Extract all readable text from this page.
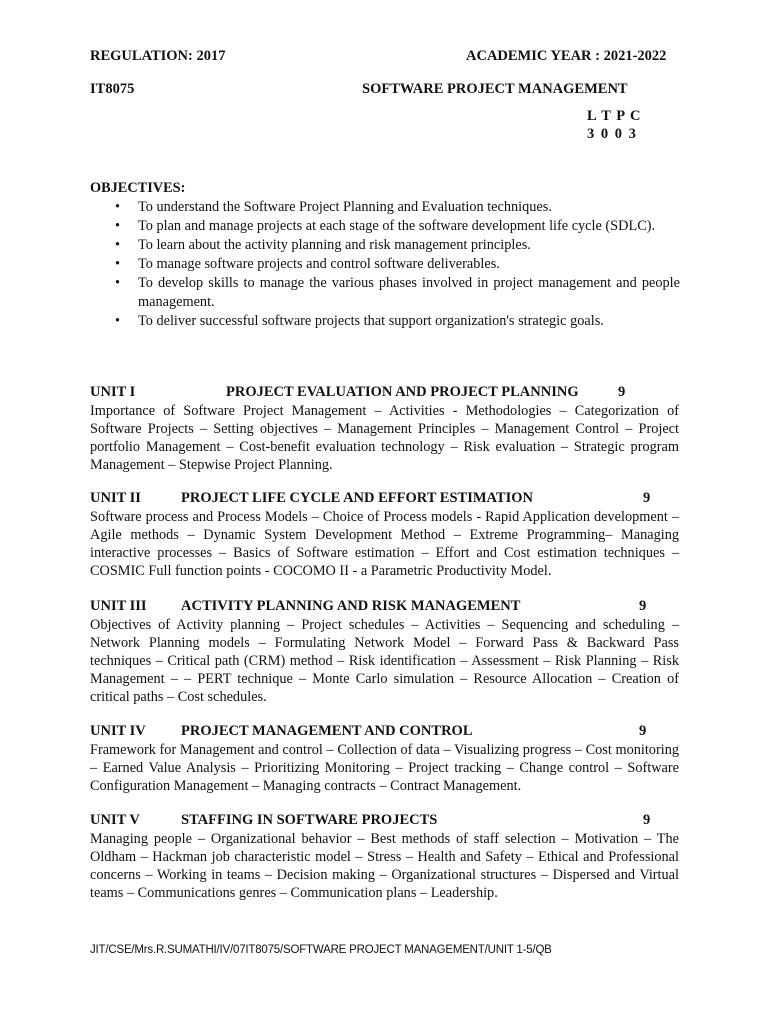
REGULATION: 2017	ACADEMIC YEAR : 2021-2022
IT8075	SOFTWARE PROJECT MANAGEMENT
L T P C
3 0 0 3
OBJECTIVES:
• To understand the Software Project Planning and Evaluation techniques.
• To plan and manage projects at each stage of the software development life cycle (SDLC).
• To learn about the activity planning and risk management principles.
• To manage software projects and control software deliverables.
• To develop skills to manage the various phases involved in project management and people management.
• To deliver successful software projects that support organization's strategic goals.
UNIT I	PROJECT EVALUATION AND PROJECT PLANNING	9
Importance of Software Project Management – Activities - Methodologies – Categorization of Software Projects – Setting objectives – Management Principles – Management Control – Project portfolio Management – Cost-benefit evaluation technology – Risk evaluation – Strategic program Management – Stepwise Project Planning.
UNIT II	PROJECT LIFE CYCLE AND EFFORT ESTIMATION	9
Software process and Process Models – Choice of Process models - Rapid Application development – Agile methods – Dynamic System Development Method – Extreme Programming– Managing interactive processes – Basics of Software estimation – Effort and Cost estimation techniques – COSMIC Full function points - COCOMO II - a Parametric Productivity Model.
UNIT III ACTIVITY PLANNING AND RISK MANAGEMENT	9
Objectives of Activity planning – Project schedules – Activities – Sequencing and scheduling – Network Planning models – Formulating Network Model – Forward Pass & Backward Pass techniques – Critical path (CRM) method – Risk identification – Assessment – Risk Planning – Risk Management – – PERT technique – Monte Carlo simulation – Resource Allocation – Creation of critical paths – Cost schedules.
UNIT IV PROJECT MANAGEMENT AND CONTROL	9
Framework for Management and control – Collection of data – Visualizing progress – Cost monitoring – Earned Value Analysis – Prioritizing Monitoring – Project tracking – Change control – Software Configuration Management – Managing contracts – Contract Management.
UNIT V	STAFFING IN SOFTWARE PROJECTS	9
Managing people – Organizational behavior – Best methods of staff selection – Motivation – The Oldham – Hackman job characteristic model – Stress – Health and Safety – Ethical and Professional concerns – Working in teams – Decision making – Organizational structures – Dispersed and Virtual teams – Communications genres – Communication plans – Leadership.
JIT/CSE/Mrs.R.SUMATHI/IV/07IT8075/SOFTWARE PROJECT MANAGEMENT/UNIT 1-5/QB
